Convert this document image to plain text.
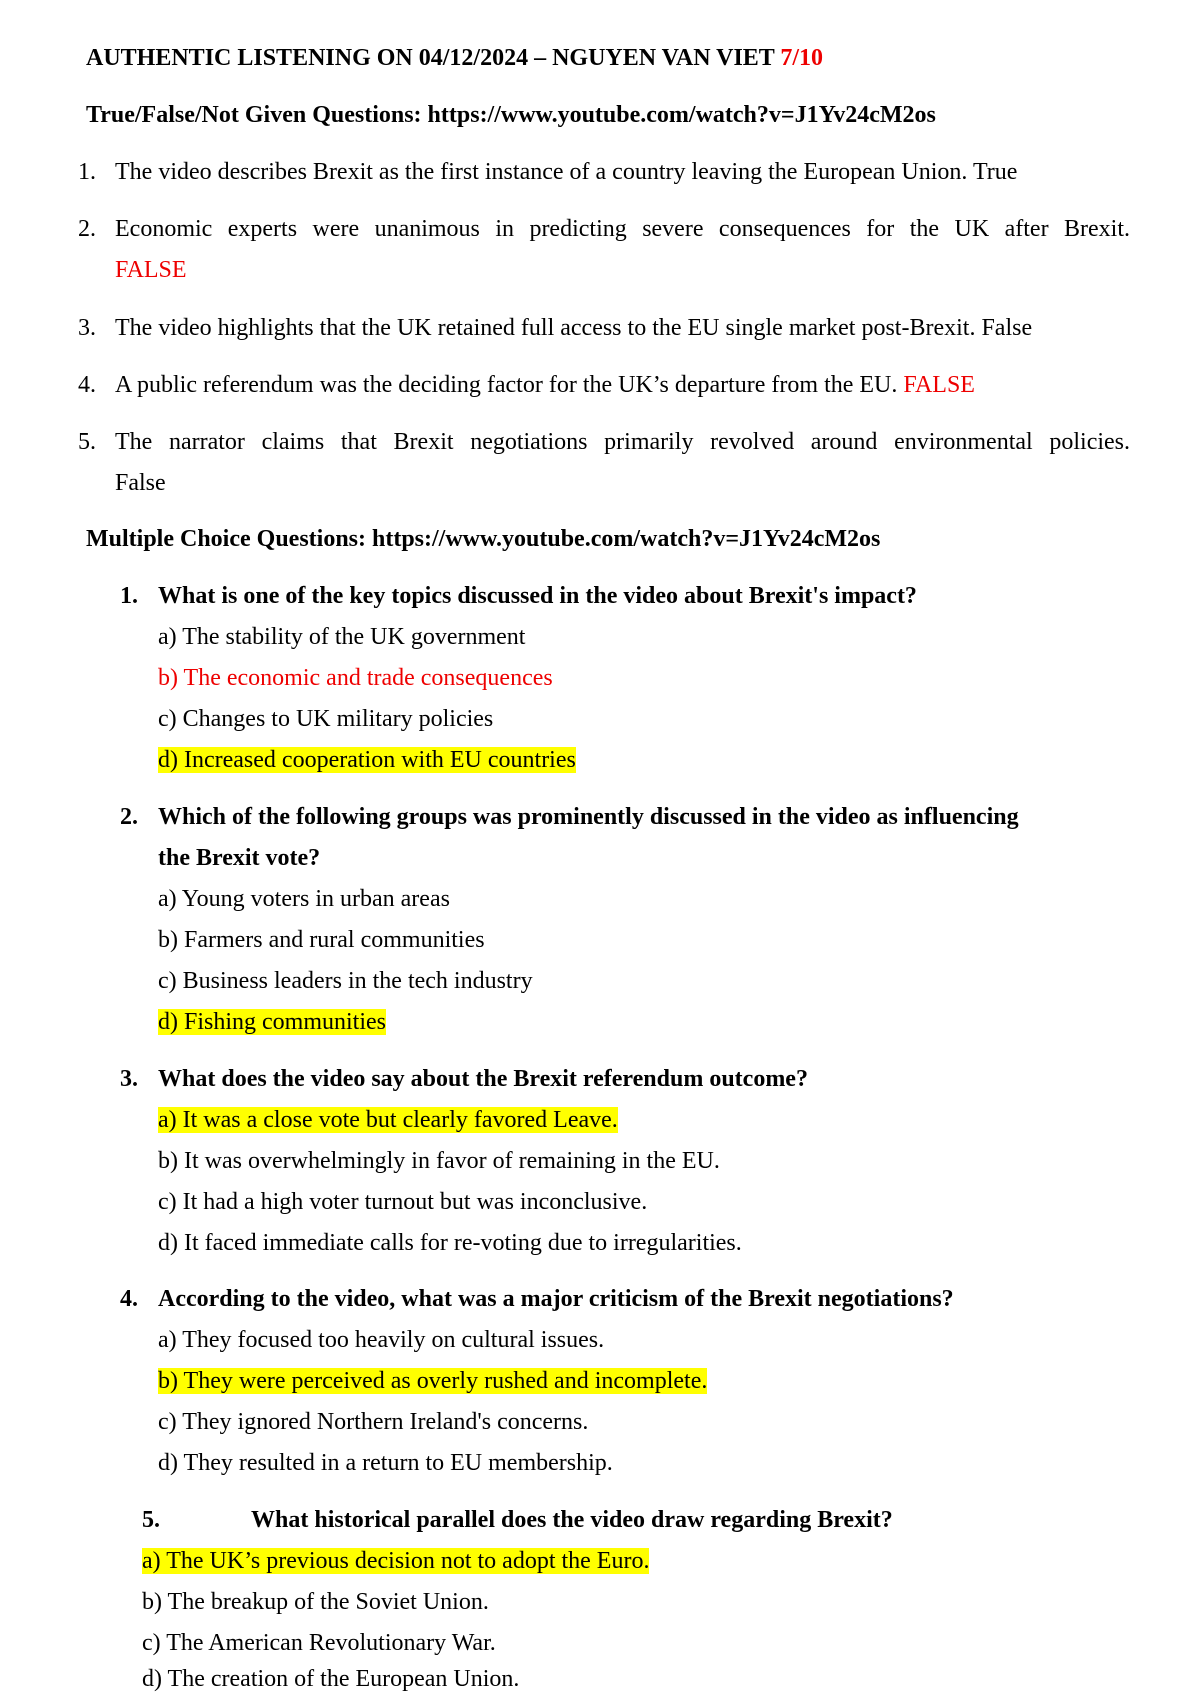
AUTHENTIC LISTENING ON 04/12/2024 – NGUYEN VAN VIET 7/10
True/False/Not Given Questions: https://www.youtube.com/watch?v=J1Yv24cM2os
1. The video describes Brexit as the first instance of a country leaving the European Union. True
2. Economic experts were unanimous in predicting severe consequences for the UK after Brexit.
FALSE
3. The video highlights that the UK retained full access to the EU single market post-Brexit. False
4. A public referendum was the deciding factor for the UK’s departure from the EU. FALSE
5. The narrator claims that Brexit negotiations primarily revolved around environmental policies.
False
Multiple Choice Questions: https://www.youtube.com/watch?v=J1Yv24cM2os
1. What is one of the key topics discussed in the video about Brexit's impact?
a) The stability of the UK government
b) The economic and trade consequences
c) Changes to UK military policies
d) Increased cooperation with EU countries
2. Which of the following groups was prominently discussed in the video as influencing
the Brexit vote?
a) Young voters in urban areas
b) Farmers and rural communities
c) Business leaders in the tech industry
d) Fishing communities
3. What does the video say about the Brexit referendum outcome?
a) It was a close vote but clearly favored Leave.
b) It was overwhelmingly in favor of remaining in the EU.
c) It had a high voter turnout but was inconclusive.
d) It faced immediate calls for re-voting due to irregularities.
4. According to the video, what was a major criticism of the Brexit negotiations?
a) They focused too heavily on cultural issues.
b) They were perceived as overly rushed and incomplete.
c) They ignored Northern Ireland's concerns.
d) They resulted in a return to EU membership.
5.	What historical parallel does the video draw regarding Brexit?
a) The UK’s previous decision not to adopt the Euro.
b) The breakup of the Soviet Union.
c) The American Revolutionary War.
d) The creation of the European Union.
